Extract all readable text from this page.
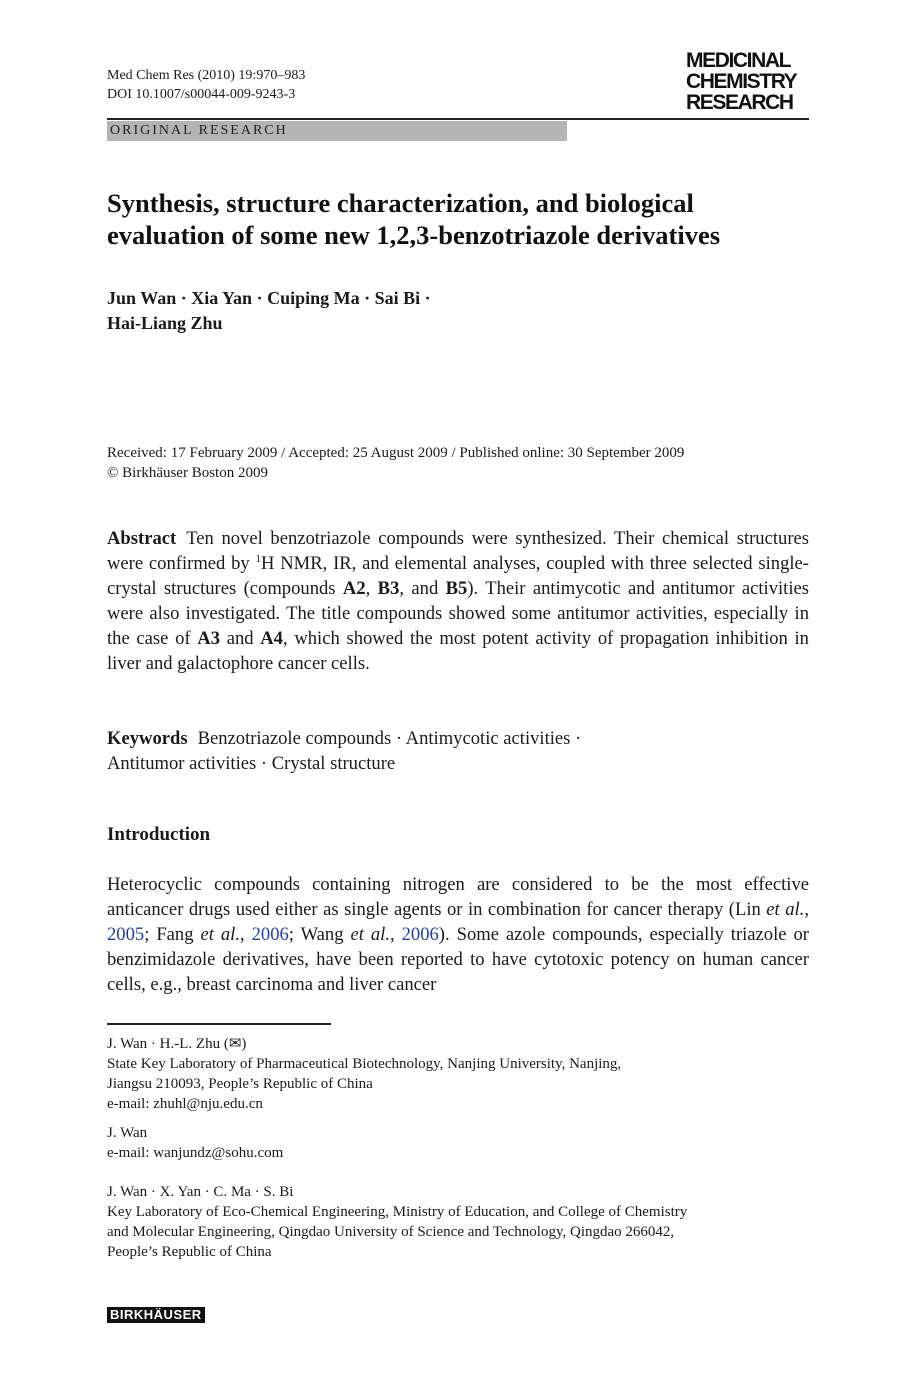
Med Chem Res (2010) 19:970–983
DOI 10.1007/s00044-009-9243-3
MEDICINAL
CHEMISTRY
RESEARCH
ORIGINAL RESEARCH
Synthesis, structure characterization, and biological
evaluation of some new 1,2,3-benzotriazole derivatives
Jun Wan · Xia Yan · Cuiping Ma · Sai Bi ·
Hai-Liang Zhu
Received: 17 February 2009 / Accepted: 25 August 2009 / Published online: 30 September 2009
© Birkhäuser Boston 2009
Abstract Ten novel benzotriazole compounds were synthesized. Their chemical structures were confirmed by $^1$H NMR, IR, and elemental analyses, coupled with three selected single-crystal structures (compounds A2, B3, and B5). Their antimycotic and antitumor activities were also investigated. The title compounds showed some antitumor activities, especially in the case of A3 and A4, which showed the most potent activity of propagation inhibition in liver and galactophore cancer cells.
Keywords Benzotriazole compounds · Antimycotic activities ·
Antitumor activities · Crystal structure
Introduction
Heterocyclic compounds containing nitrogen are considered to be the most effective anticancer drugs used either as single agents or in combination for cancer therapy (Lin et al., 2005; Fang et al., 2006; Wang et al., 2006). Some azole compounds, especially triazole or benzimidazole derivatives, have been reported to have cytotoxic potency on human cancer cells, e.g., breast carcinoma and liver cancer
J. Wan · H.-L. Zhu (✉)
State Key Laboratory of Pharmaceutical Biotechnology, Nanjing University, Nanjing,
Jiangsu 210093, People’s Republic of China
e-mail: zhuhl@nju.edu.cn
J. Wan
e-mail: wanjundz@sohu.com
J. Wan · X. Yan · C. Ma · S. Bi
Key Laboratory of Eco-Chemical Engineering, Ministry of Education, and College of Chemistry
and Molecular Engineering, Qingdao University of Science and Technology, Qingdao 266042,
People’s Republic of China
BIRKHÄUSER
